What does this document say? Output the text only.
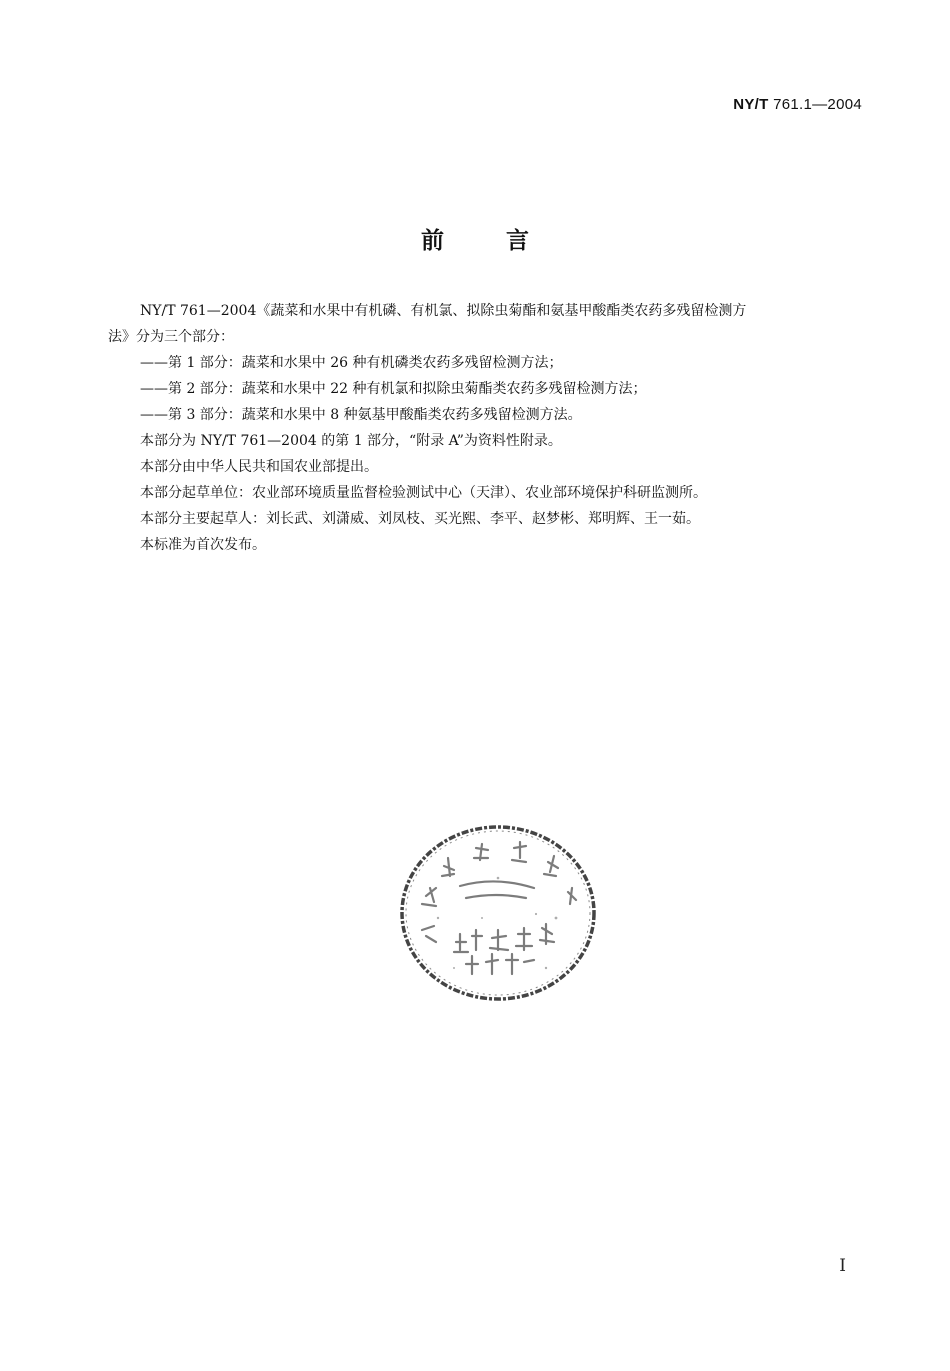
NY/T 761.1—2004
前言

NY/T 761—2004《蔬菜和水果中有机磷、有机氯、拟除虫菊酯和氨基甲酸酯类农药多残留检测方

法》分为三个部分：

——第 1 部分：蔬菜和水果中 26 种有机磷类农药多残留检测方法；

——第 2 部分：蔬菜和水果中 22 种有机氯和拟除虫菊酯类农药多残留检测方法；

——第 3 部分：蔬菜和水果中 8 种氨基甲酸酯类农药多残留检测方法。

本部分为 NY/T 761—2004 的第 1 部分，“附录 A”为资料性附录。

本部分由中华人民共和国农业部提出。

本部分起草单位：农业部环境质量监督检验测试中心（天津）、农业部环境保护科研监测所。

本部分主要起草人：刘长武、刘潇威、刘凤枝、买光熙、李平、赵梦彬、郑明辉、王一茹。

本标准为首次发布。

I
